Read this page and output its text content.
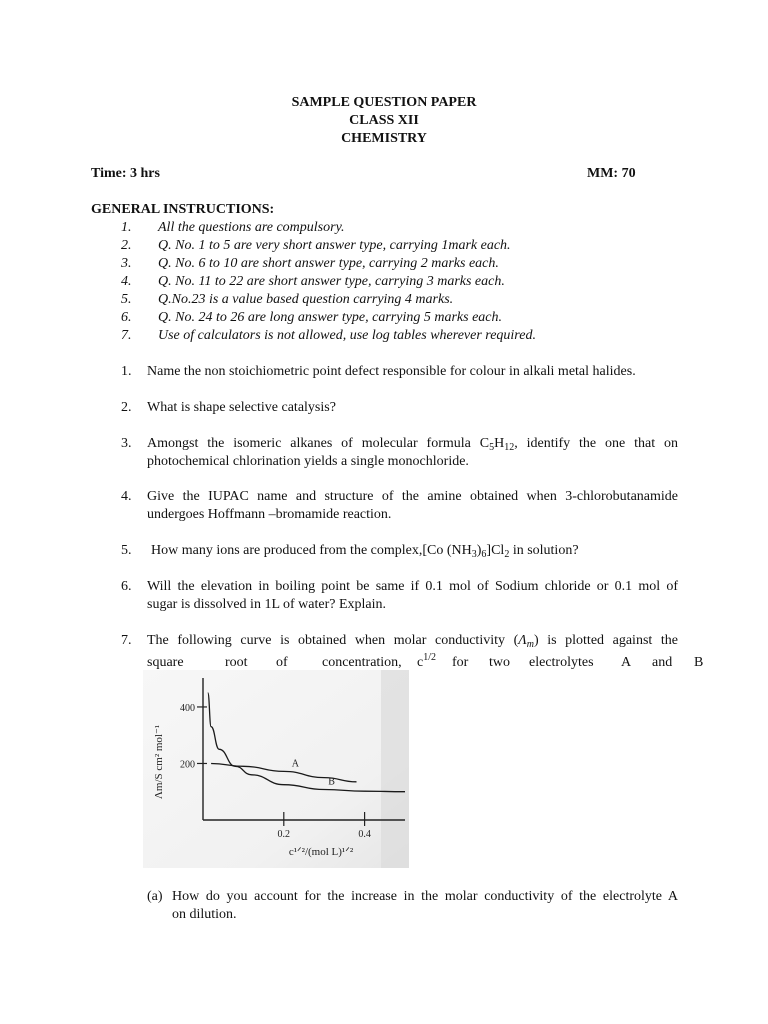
SAMPLE QUESTION PAPER
CLASS XII
CHEMISTRY
Time: 3 hrs	MM: 70
GENERAL INSTRUCTIONS:
1. All the questions are compulsory.
2. Q. No. 1 to 5 are very short answer type, carrying 1mark each.
3. Q. No. 6 to 10 are short answer type, carrying 2 marks each.
4. Q. No. 11 to 22 are short answer type, carrying 3 marks each.
5. Q.No.23 is a value based question carrying 4 marks.
6. Q. No. 24 to 26 are long answer type, carrying 5 marks each.
7. Use of calculators is not allowed, use log tables wherever required.
1. Name the non stoichiometric point defect responsible for colour in alkali metal halides.
2. What is shape selective catalysis?
3. Amongst the isomeric alkanes of molecular formula $C_5H_{12}$, identify the one that on
photochemical chlorination yields a single monochloride.
4. Give the IUPAC name and structure of the amine obtained when 3-chlorobutanamide
undergoes Hoffmann –bromamide reaction.
5. How many ions are produced from the complex,[Co $(NH_3)_6]Cl_2$ in solution?
6. Will the elevation in boiling point be same if 0.1 mol of Sodium chloride or 0.1 mol of
sugar is dissolved in 1L of water? Explain.
7. The following curve is obtained when molar conductivity $(\Lambda_m)$ is plotted against the
square	root of concentration, $c^{1/2}$ for two electrolytes A and B
400
200
0.2	0.4
A
B
Λm/S cm² mol⁻¹
c¹ᐟ²/(mol L)¹ᐟ²
(a) How do you account for the increase in the molar conductivity of the electrolyte A
on dilution.
